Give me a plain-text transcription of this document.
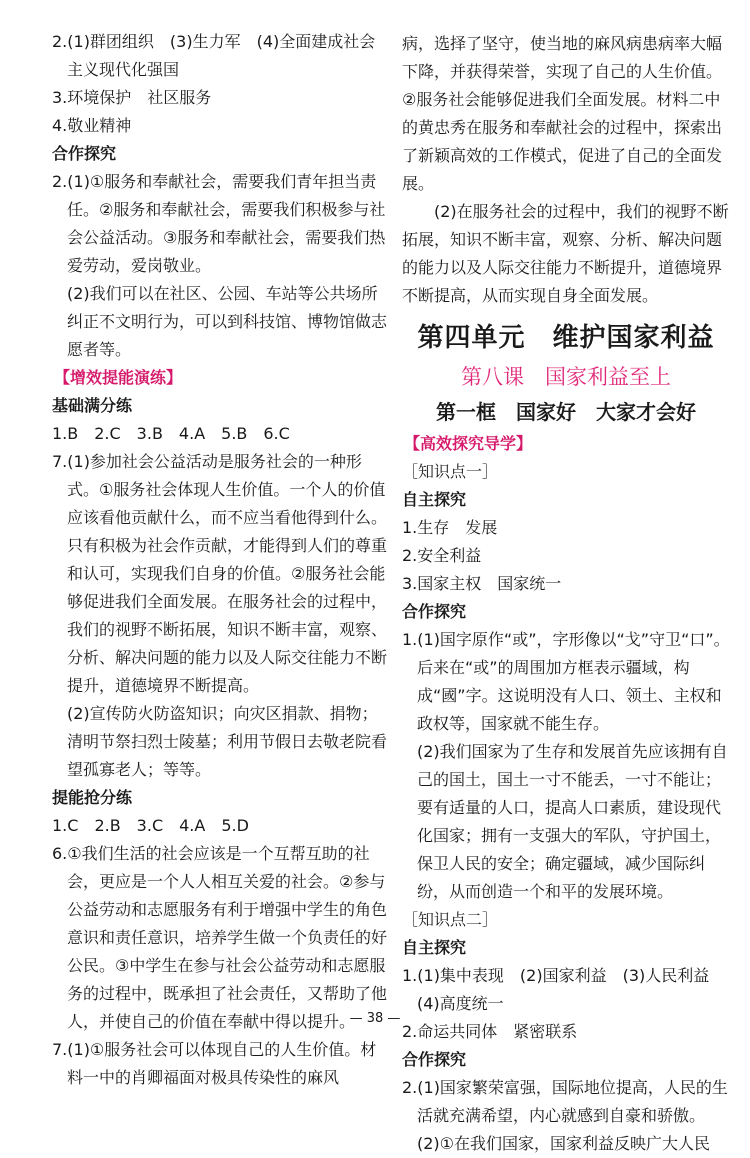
2.(1)群团组织　(3)生力军　(4)全面建成社会主义现代化强国

3.环境保护　社区服务

4.敬业精神

合作探究

2.(1)①服务和奉献社会，需要我们青年担当责任。②服务和奉献社会，需要我们积极参与社会公益活动。③服务和奉献社会，需要我们热爱劳动，爱岗敬业。

(2)我们可以在社区、公园、车站等公共场所纠正不文明行为，可以到科技馆、博物馆做志愿者等。

【增效提能演练】

基础满分练

1.B　2.C　3.B　4.A　5.B　6.C

7.(1)参加社会公益活动是服务社会的一种形式。①服务社会体现人生价值。一个人的价值应该看他贡献什么，而不应当看他得到什么。只有积极为社会作贡献，才能得到人们的尊重和认可，实现我们自身的价值。②服务社会能够促进我们全面发展。在服务社会的过程中，我们的视野不断拓展，知识不断丰富，观察、分析、解决问题的能力以及人际交往能力不断提升，道德境界不断提高。

(2)宣传防火防盗知识；向灾区捐款、捐物；清明节祭扫烈士陵墓；利用节假日去敬老院看望孤寡老人；等等。

提能抢分练

1.C　2.B　3.C　4.A　5.D

6.①我们生活的社会应该是一个互帮互助的社会，更应是一个人人相互关爱的社会。②参与公益劳动和志愿服务有利于增强中学生的角色意识和责任意识，培养学生做一个负责任的好公民。③中学生在参与社会公益劳动和志愿服务的过程中，既承担了社会责任，又帮助了他人，并使自己的价值在奉献中得以提升。

7.(1)①服务社会可以体现自己的人生价值。材料一中的肖卿福面对极具传染性的麻风

病，选择了坚守，使当地的麻风病患病率大幅下降，并获得荣誉，实现了自己的人生价值。②服务社会能够促进我们全面发展。材料二中的黄忠秀在服务和奉献社会的过程中，探索出了新颖高效的工作模式，促进了自己的全面发展。

(2)在服务社会的过程中，我们的视野不断拓展，知识不断丰富，观察、分析、解决问题的能力以及人际交往能力不断提升，道德境界不断提高，从而实现自身全面发展。

第四单元　维护国家利益

第八课　国家利益至上

第一框　国家好　大家才会好

【高效探究导学】

［知识点一］

自主探究

1.生存　发展

2.安全利益

3.国家主权　国家统一

合作探究

1.(1)国字原作“或”，字形像以“戈”守卫“口”。后来在“或”的周围加方框表示疆域，构成“國”字。这说明没有人口、领土、主权和政权等，国家就不能生存。

(2)我们国家为了生存和发展首先应该拥有自己的国土，国土一寸不能丢，一寸不能让；要有适量的人口，提高人口素质，建设现代化国家；拥有一支强大的军队，守护国土，保卫人民的安全；确定疆域，减少国际纠纷，从而创造一个和平的发展环境。

［知识点二］

自主探究

1.(1)集中表现　(2)国家利益　(3)人民利益　(4)高度统一

2.命运共同体　紧密联系

合作探究

2.(1)国家繁荣富强，国际地位提高，人民的生活就充满希望，内心就感到自豪和骄傲。

(2)①在我们国家，国家利益反映广大人民

— 38 —
